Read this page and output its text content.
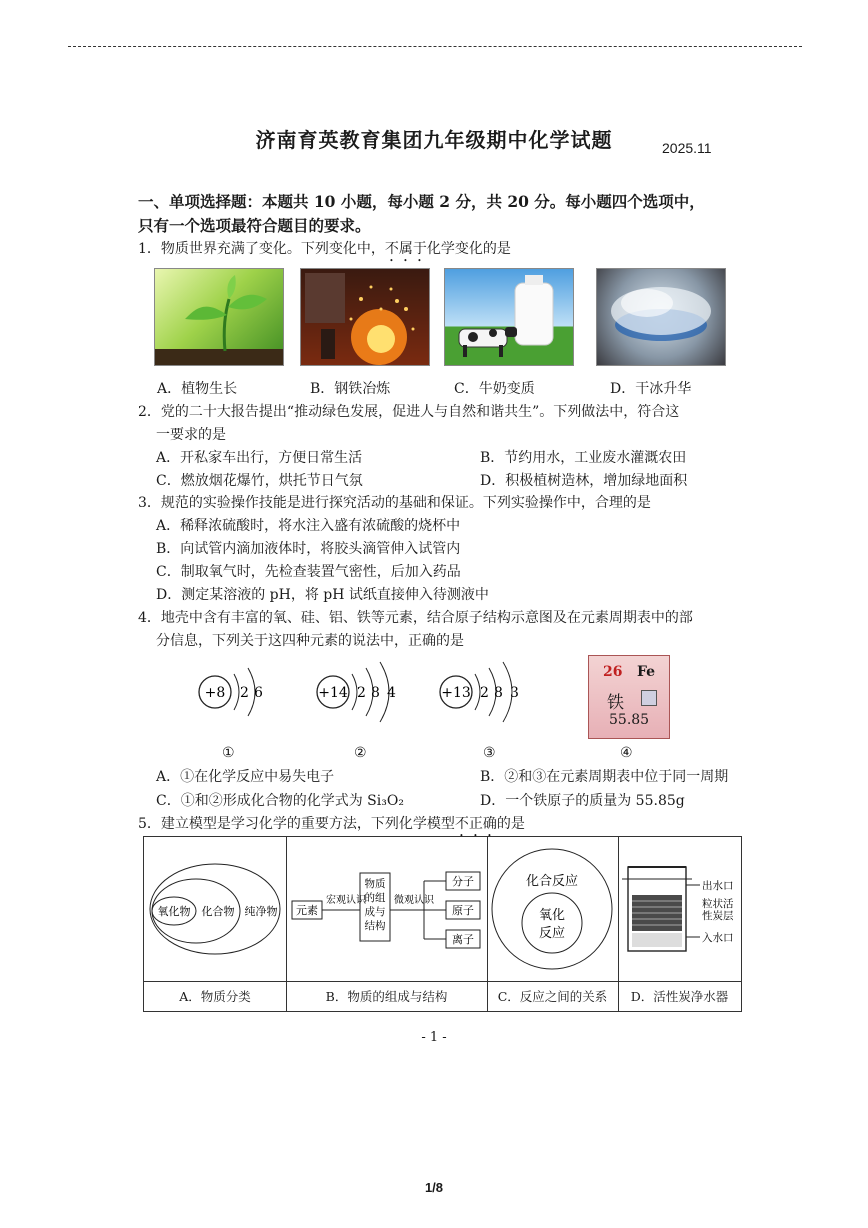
济南育英教育集团九年级期中化学试题	2025.11
一、单项选择题：本题共 10 小题，每小题 2 分，共 20 分。每小题四个选项中，
只有一个选项最符合题目的要求。
1．物质世界充满了变化。下列变化中，不属于化学变化的是
A．植物生长	B．钢铁冶炼	C．牛奶变质	D．干冰升华
2．党的二十大报告提出“推动绿色发展，促进人与自然和谐共生”。下列做法中，符合这
一要求的是
A．开私家车出行，方便日常生活	B．节约用水，工业废水灌溉农田
C．燃放烟花爆竹，烘托节日气氛	D．积极植树造林，增加绿地面积
3．规范的实验操作技能是进行探究活动的基础和保证。下列实验操作中，合理的是
A．稀释浓硫酸时，将水注入盛有浓硫酸的烧杯中
B．向试管内滴加液体时，将胶头滴管伸入试管内
C．制取氧气时，先检查装置气密性，后加入药品
D．测定某溶液的 pH，将 pH 试纸直接伸入待测液中
4．地壳中含有丰富的氧、硅、铝、铁等元素，结合原子结构示意图及在元素周期表中的部
分信息，下列关于这四种元素的说法中，正确的是
+8 2 6	+14 2 8 4	+13 2 8 3
26 Fe
铁
55.85
①	②	③	④
A．①在化学反应中易失电子	B．②和③在元素周期表中位于同一周期
C．①和②形成化合物的化学式为 Si₃O₂	D．一个铁原子的质量为 55.85g
5．建立模型是学习化学的重要方法，下列化学模型不正确的是
氧化物 化合物 纯净物 元素
宏观认识
物质
的组
成与
结构
微观认识
分子
原子
离子
化合反应
氧化
反应
出水口
粒状活
性炭层
入水口
A．物质分类	B．物质的组成与结构	C．反应之间的关系	D．活性炭净水器
- 1 -
1/8
